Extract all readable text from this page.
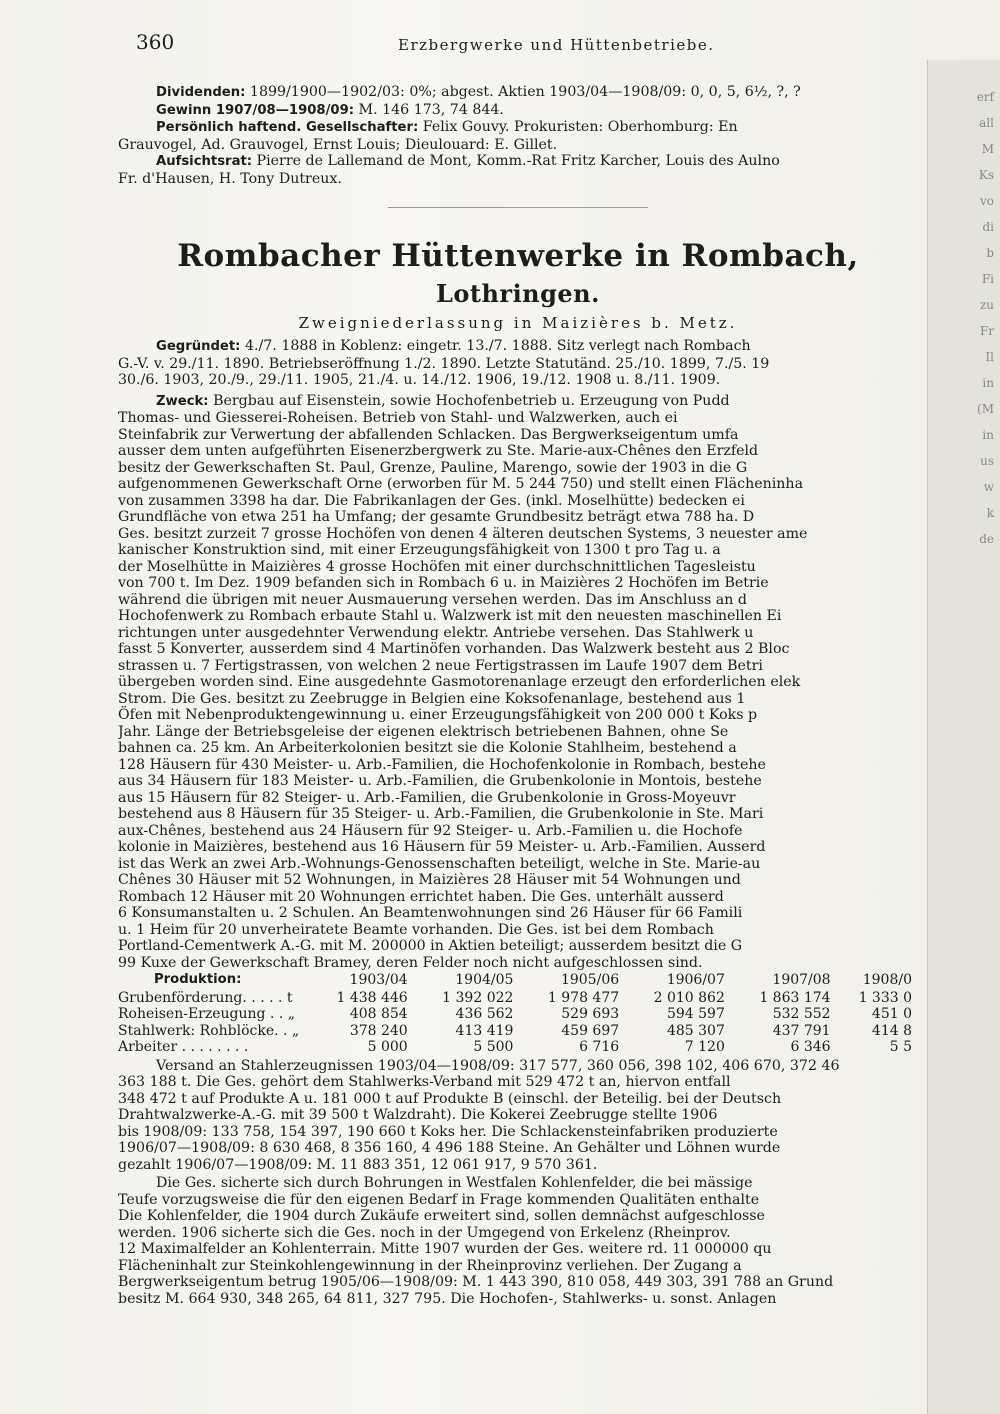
erf
all
M
Ks
vo
di
b
Fi
zu
Fr
Il
in
(M
in
us
w
k
de
360	Erzbergwerke und Hüttenbetriebe.
Dividenden: 1899/1900—1902/03: 0%; abgest. Aktien 1903/04—1908/09: 0, 0, 5, 6½, ?, ?
Gewinn 1907/08—1908/09: M. 146 173, 74 844.
Persönlich haftend. Gesellschafter: Felix Gouvy. Prokuristen: Oberhomburg: En
Grauvogel, Ad. Grauvogel, Ernst Louis; Dieulouard: E. Gillet.
Aufsichtsrat: Pierre de Lallemand de Mont, Komm.-Rat Fritz Karcher, Louis des Aulno
Fr. d'Hausen, H. Tony Dutreux.
Rombacher Hüttenwerke in Rombach, Lothringen.
Zweigniederlassung in Maizières b. Metz.
Gegründet: 4./7. 1888 in Koblenz: eingetr. 13./7. 1888. Sitz verlegt nach Rombach
G.-V. v. 29./11. 1890. Betriebseröffnung 1./2. 1890. Letzte Statutänd. 25./10. 1899, 7./5. 19
30./6. 1903, 20./9., 29./11. 1905, 21./4. u. 14./12. 1906, 19./12. 1908 u. 8./11. 1909.
Zweck: Bergbau auf Eisenstein, sowie Hochofenbetrieb u. Erzeugung von Pudd
Thomas- und Giesserei-Roheisen. Betrieb von Stahl- und Walzwerken, auch ei
Steinfabrik zur Verwertung der abfallenden Schlacken. Das Bergwerkseigentum umfa
ausser dem unten aufgeführten Eisenerzbergwerk zu Ste. Marie-aux-Chênes den Erzfeld
besitz der Gewerkschaften St. Paul, Grenze, Pauline, Marengo, sowie der 1903 in die G
aufgenommenen Gewerkschaft Orne (erworben für M. 5 244 750) und stellt einen Flächeninha
von zusammen 3398 ha dar. Die Fabrikanlagen der Ges. (inkl. Moselhütte) bedecken ei
Grundfläche von etwa 251 ha Umfang; der gesamte Grundbesitz beträgt etwa 788 ha. D
Ges. besitzt zurzeit 7 grosse Hochöfen von denen 4 älteren deutschen Systems, 3 neuester ame
kanischer Konstruktion sind, mit einer Erzeugungsfähigkeit von 1300 t pro Tag u. a
der Moselhütte in Maizières 4 grosse Hochöfen mit einer durchschnittlichen Tagesleistu
von 700 t. Im Dez. 1909 befanden sich in Rombach 6 u. in Maizières 2 Hochöfen im Betrie
während die übrigen mit neuer Ausmauerung versehen werden. Das im Anschluss an d
Hochofenwerk zu Rombach erbaute Stahl u. Walzwerk ist mit den neuesten maschinellen Ei
richtungen unter ausgedehnter Verwendung elektr. Antriebe versehen. Das Stahlwerk u
fasst 5 Konverter, ausserdem sind 4 Martinöfen vorhanden. Das Walzwerk besteht aus 2 Bloc
strassen u. 7 Fertigstrassen, von welchen 2 neue Fertigstrassen im Laufe 1907 dem Betri
übergeben worden sind. Eine ausgedehnte Gasmotorenanlage erzeugt den erforderlichen elek
Strom. Die Ges. besitzt zu Zeebrugge in Belgien eine Koksofenanlage, bestehend aus 1
Öfen mit Nebenproduktengewinnung u. einer Erzeugungsfähigkeit von 200 000 t Koks p
Jahr. Länge der Betriebsgeleise der eigenen elektrisch betriebenen Bahnen, ohne Se
bahnen ca. 25 km. An Arbeiterkolonien besitzt sie die Kolonie Stahlheim, bestehend a
128 Häusern für 430 Meister- u. Arb.-Familien, die Hochofenkolonie in Rombach, bestehe
aus 34 Häusern für 183 Meister- u. Arb.-Familien, die Grubenkolonie in Montois, bestehe
aus 15 Häusern für 82 Steiger- u. Arb.-Familien, die Grubenkolonie in Gross-Moyeuvr
bestehend aus 8 Häusern für 35 Steiger- u. Arb.-Familien, die Grubenkolonie in Ste. Mari
aux-Chênes, bestehend aus 24 Häusern für 92 Steiger- u. Arb.-Familien u. die Hochofe
kolonie in Maizières, bestehend aus 16 Häusern für 59 Meister- u. Arb.-Familien. Ausserd
ist das Werk an zwei Arb.-Wohnungs-Genossenschaften beteiligt, welche in Ste. Marie-au
Chênes 30 Häuser mit 52 Wohnungen, in Maizières 28 Häuser mit 54 Wohnungen und
Rombach 12 Häuser mit 20 Wohnungen errichtet haben. Die Ges. unterhält ausserd
6 Konsumanstalten u. 2 Schulen. An Beamtenwohnungen sind 26 Häuser für 66 Famili
u. 1 Heim für 20 unverheiratete Beamte vorhanden. Die Ges. ist bei dem Rombach
Portland-Cementwerk A.-G. mit M. 200000 in Aktien beteiligt; ausserdem besitzt die G
99 Kuxe der Gewerkschaft Bramey, deren Felder noch nicht aufgeschlossen sind.
Produktion:	1903/04	1904/05	1905/06	1906/07	1907/08	1908/0
Grubenförderung. . . . . t	1 438 446	1 392 022	1 978 477	2 010 862	1 863 174	1 333 0
Roheisen-Erzeugung . . „	408 854	436 562	529 693	594 597	532 552	451 0
Stahlwerk: Rohblöcke. . „	378 240	413 419	459 697	485 307	437 791	414 8
Arbeiter . . . . . . . .	5 000	5 500	6 716	7 120	6 346	5 5
Versand an Stahlerzeugnissen 1903/04—1908/09: 317 577, 360 056, 398 102, 406 670, 372 46
363 188 t. Die Ges. gehört dem Stahlwerks-Verband mit 529 472 t an, hiervon entfall
348 472 t auf Produkte A u. 181 000 t auf Produkte B (einschl. der Beteilig. bei der Deutsch
Drahtwalzwerke-A.-G. mit 39 500 t Walzdraht). Die Kokerei Zeebrugge stellte 1906
bis 1908/09: 133 758, 154 397, 190 660 t Koks her. Die Schlackensteinfabriken produzierte
1906/07—1908/09: 8 630 468, 8 356 160, 4 496 188 Steine. An Gehälter und Löhnen wurde
gezahlt 1906/07—1908/09: M. 11 883 351, 12 061 917, 9 570 361.
Die Ges. sicherte sich durch Bohrungen in Westfalen Kohlenfelder, die bei mässige
Teufe vorzugsweise die für den eigenen Bedarf in Frage kommenden Qualitäten enthalte
Die Kohlenfelder, die 1904 durch Zukäufe erweitert sind, sollen demnächst aufgeschlosse
werden. 1906 sicherte sich die Ges. noch in der Umgegend von Erkelenz (Rheinprov.
12 Maximalfelder an Kohlenterrain. Mitte 1907 wurden der Ges. weitere rd. 11 000000 qu
Flächeninhalt zur Steinkohlengewinnung in der Rheinprovinz verliehen. Der Zugang a
Bergwerkseigentum betrug 1905/06—1908/09: M. 1 443 390, 810 058, 449 303, 391 788 an Grund
besitz M. 664 930, 348 265, 64 811, 327 795. Die Hochofen-, Stahlwerks- u. sonst. Anlagen
